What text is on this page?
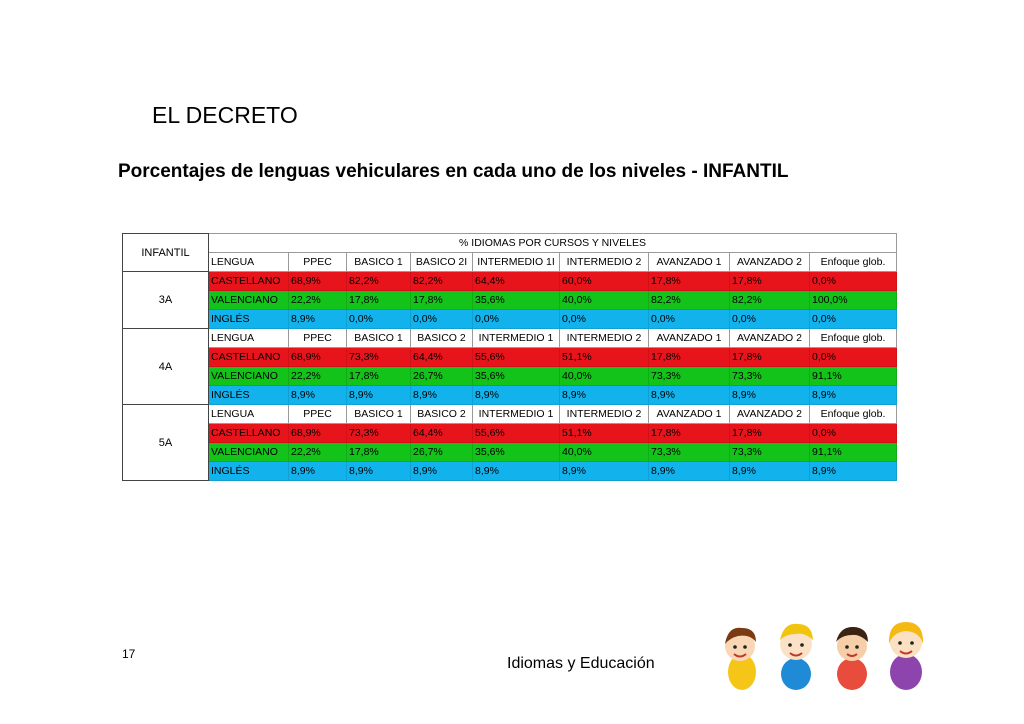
EL DECRETO
Porcentajes de lenguas vehiculares en cada uno de los niveles - INFANTIL
INFANTIL	% IDIOMAS POR CURSOS Y NIVELES								
	LENGUA	PPEC	BASICO 1	BASICO 2I	INTERMEDIO 1I	INTERMEDIO 2	AVANZADO 1	AVANZADO 2	Enfoque glob.
3A	CASTELLANO	68,9%	82,2%	82,2%	64,4%	60,0%	17,8%	17,8%	0,0%
	VALENCIANO	22,2%	17,8%	17,8%	35,6%	40,0%	82,2%	82,2%	100,0%
	INGLÉS	8,9%	0,0%	0,0%	0,0%	0,0%	0,0%	0,0%	0,0%
4A	LENGUA	PPEC	BASICO 1	BASICO 2	INTERMEDIO 1	INTERMEDIO 2	AVANZADO 1	AVANZADO 2	Enfoque glob.
	CASTELLANO	68,9%	73,3%	64,4%	55,6%	51,1%	17,8%	17,8%	0,0%
	VALENCIANO	22,2%	17,8%	26,7%	35,6%	40,0%	73,3%	73,3%	91,1%
	INGLÉS	8,9%	8,9%	8,9%	8,9%	8,9%	8,9%	8,9%	8,9%
5A	LENGUA	PPEC	BASICO 1	BASICO 2	INTERMEDIO 1	INTERMEDIO 2	AVANZADO 1	AVANZADO 2	Enfoque glob.
	CASTELLANO	68,9%	73,3%	64,4%	55,6%	51,1%	17,8%	17,8%	0,0%
	VALENCIANO	22,2%	17,8%	26,7%	35,6%	40,0%	73,3%	73,3%	91,1%
	INGLÉS	8,9%	8,9%	8,9%	8,9%	8,9%	8,9%	8,9%	8,9%
17
Idiomas y Educación
